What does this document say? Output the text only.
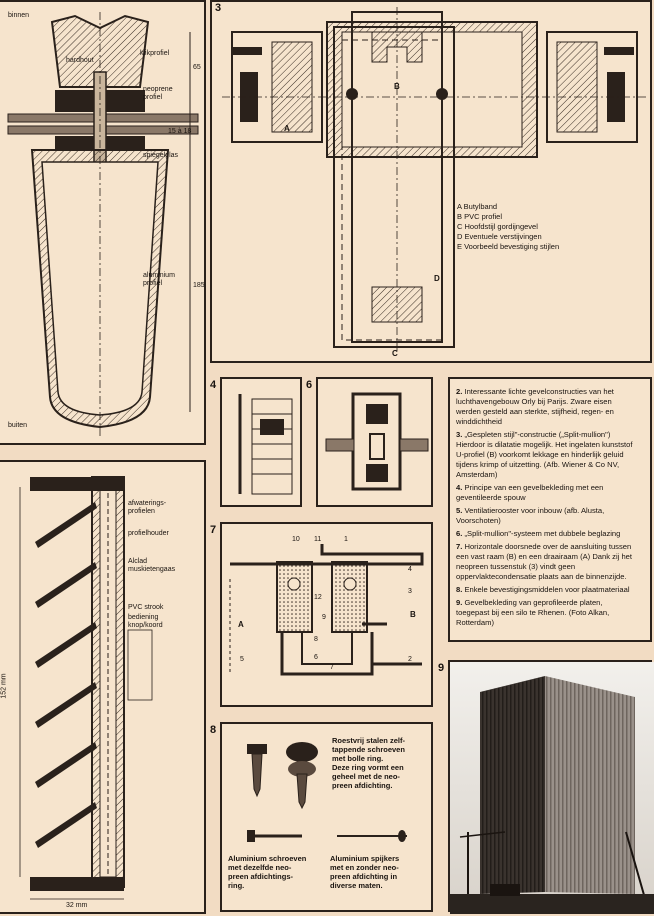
binnen
hardhout
klikprofiel
neoprene
profiel
65
15 à 18
spiegelglas
aluminium
profiel	185
buiten
3
A
B
D
C
A Butylband
B PVC profiel
C Hoofdstijl gordijngevel
D Eventuele verstijvingen
E Voorbeeld bevestiging stijlen
4	6

2. Interessante lichte gevelconstructies van het luchthavengebouw Orly bij Parijs. Zware eisen werden gesteld aan sterkte, stijfheid, regen- en winddichtheid

3. „Gespleten stijl"-constructie („Split-mullion")
Hierdoor is dilatatie mogelijk. Het ingelaten kunststof U-profiel (B) voorkomt lekkage en hinderlijk geluid tijdens krimp of uitzetting. (Afb. Wiener & Co NV, Amsterdam)

4. Principe van een gevelbekleding met een geventileerde spouw

5. Ventilatierooster voor inbouw (afb. Alusta, Voorschoten)

6. „Split-mullion"-systeem met dubbele beglazing

7. Horizontale doorsnede over de aansluiting tussen een vast raam (B) en een draairaam (A) Dank zij het neopreen tussenstuk (3) vindt geen oppervlaktecondensatie plaats aan de binnenzijde.

8. Enkele bevestigingsmiddelen voor plaatmateriaal

9. Gevelbekleding van geprofileerde platen, toegepast bij een silo te Rhenen. (Foto Alkan, Rotterdam)

afwaterings-
profielen
profielhouder
Alclad
muskietengaas
PVC strook
bediening
knop/koord
152 mm
32 mm
7
10 11	1
12
9
8
6
7
5
4
3
2
A
B
8
Roestvrij stalen zelf-
tappende schroeven
met bolle ring.
Deze ring vormt een
geheel met de neo-
preen afdichting.
Aluminium schroeven
met dezelfde neo-
preen afdichtings-
ring.
Aluminium spijkers
met en zonder neo-
preen afdichting in
diverse maten.
9
